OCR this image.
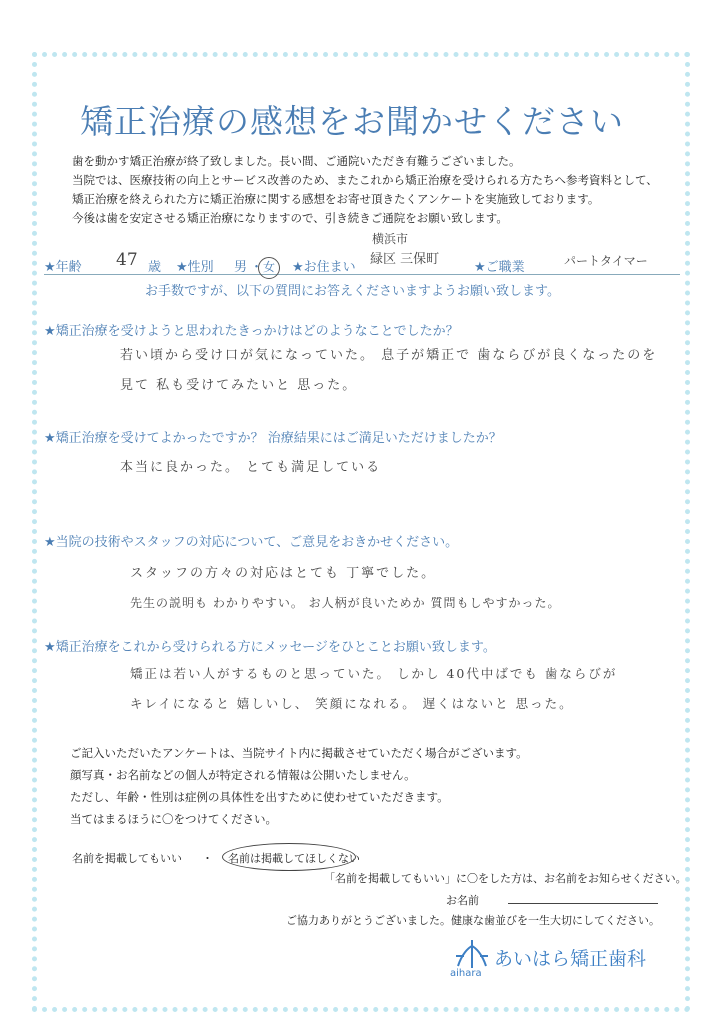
矯正治療の感想をお聞かせください
歯を動かす矯正治療が終了致しました。長い間、ご通院いただき有難うございました。
当院では、医療技術の向上とサービス改善のため、またこれから矯正治療を受けられる方たちへ参考資料として、
矯正治療を終えられた方に矯正治療に関する感想をお寄せ頂きたくアンケートを実施致しております。
今後は歯を安定させる矯正治療になりますので、引き続きご通院をお願い致します。
★年齢 47 歳 ★性別 男 ・ 女	★お住まい
横浜市
緑区 三保町
★ご職業	パートタイマー
お手数ですが、以下の質問にお答えくださいますようお願い致します。
★矯正治療を受けようと思われたきっかけはどのようなことでしたか？
若い頃から受け口が気になっていた。 息子が矯正で 歯ならびが良くなったのを
見て 私も受けてみたいと 思った。
★矯正治療を受けてよかったですか？ 治療結果にはご満足いただけましたか？
本当に良かった。 とても満足している
★当院の技術やスタッフの対応について、ご意見をおきかせください。
スタッフの方々の対応はとても 丁寧でした。
先生の説明も わかりやすい。 お人柄が良いためか 質問もしやすかった。
★矯正治療をこれから受けられる方にメッセージをひとことお願い致します。
矯正は若い人がするものと思っていた。 しかし 40代中ばでも 歯ならびが
キレイになると 嬉しいし、 笑顔になれる。 遅くはないと 思った。
ご記入いただいたアンケートは、当院サイト内に掲載させていただく場合がございます。
顔写真・お名前などの個人が特定される情報は公開いたしません。
ただし、年齢・性別は症例の具体性を出すために使わせていただきます。
当てはまるほうに〇をつけてください。
名前を掲載してもいい ・ 名前は掲載してほしくない
「名前を掲載してもいい」に〇をした方は、お名前をお知らせください。
お名前
ご協力ありがとうございました。健康な歯並びを一生大切にしてください。
あいはら矯正歯科
aihara
